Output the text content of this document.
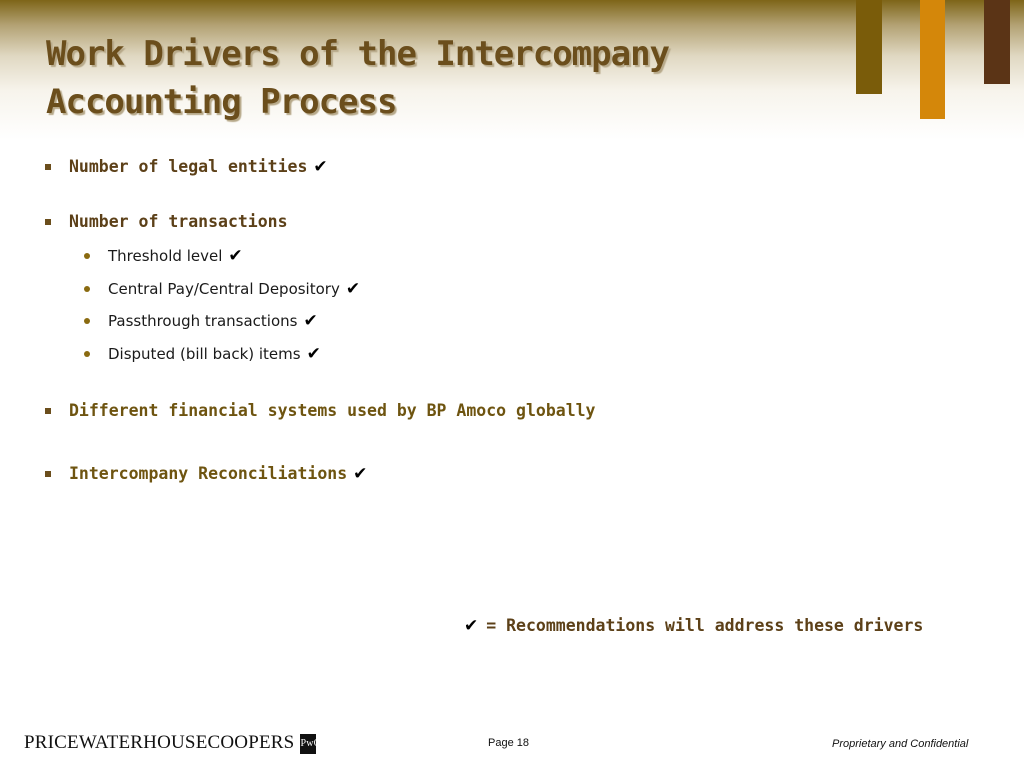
Work Drivers of the Intercompany
Accounting Process
Number of legal entities ✔
Number of transactions
Threshold level ✔
Central Pay/Central Depository ✔
Passthrough transactions ✔
Disputed (bill back) items ✔
Different financial systems used by BP Amoco globally
Intercompany Reconciliations ✔
✔ = Recommendations will address these drivers
PRICEWATERHOUSECOOPERS PwC	Page 18	Proprietary and Confidential
